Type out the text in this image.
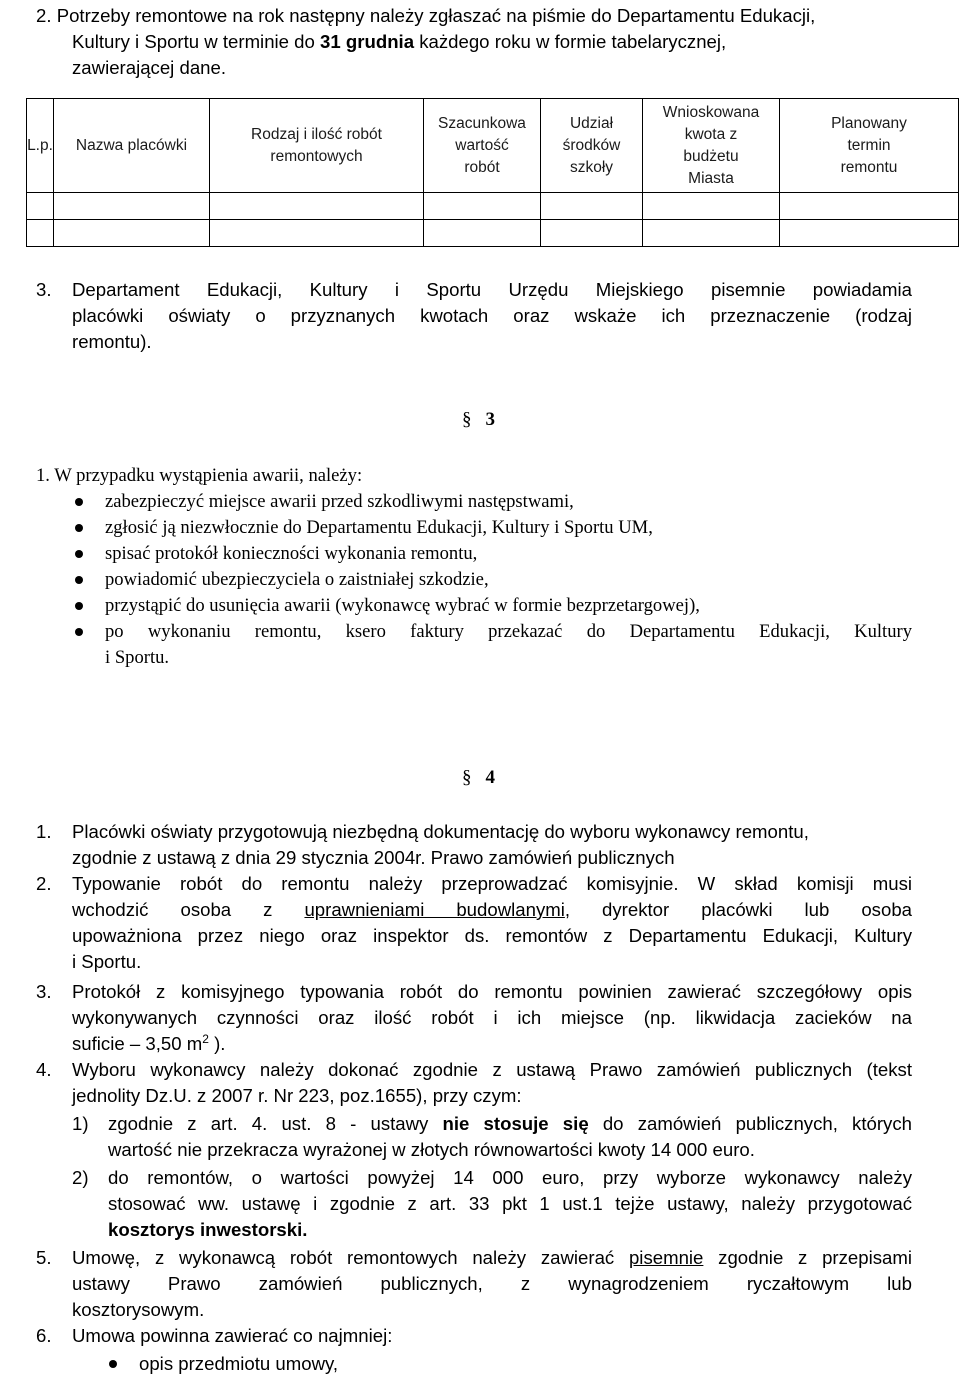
2. Potrzeby remontowe na rok następny należy zgłaszać na piśmie do Departamentu Edukacji,
Kultury i Sportu w terminie do 31 grudnia każdego roku w formie tabelarycznej,
zawierającej dane.
L.p.	Nazwa placówki	Rodzaj i ilość robót remontowych	Szacunkowa wartość robót	Udział środków szkoły	Wnioskowana kwota z budżetu Miasta	Planowany termin remontu

3. Departament Edukacji, Kultury i Sportu Urzędu Miejskiego pisemnie powiadamia
placówki oświaty o przyznanych kwotach oraz wskaże ich przeznaczenie (rodzaj
remontu).
§ 3
1. W przypadku wystąpienia awarii, należy:
zabezpieczyć miejsce awarii przed szkodliwymi następstwami,
zgłosić ją niezwłocznie do Departamentu Edukacji, Kultury i Sportu UM,
spisać protokół konieczności wykonania remontu,
powiadomić ubezpieczyciela o zaistniałej szkodzie,
przystąpić do usunięcia awarii (wykonawcę wybrać w formie bezprzetargowej),
po wykonaniu remontu, ksero faktury przekazać do Departamentu Edukacji, Kultury
i Sportu.
§ 4
1. Placówki oświaty przygotowują niezbędną dokumentację do wyboru wykonawcy remontu,
zgodnie z ustawą z dnia 29 stycznia 2004r. Prawo zamówień publicznych
2. Typowanie robót do remontu należy przeprowadzać komisyjnie. W skład komisji musi
wchodzić osoba z uprawnieniami budowlanymi, dyrektor placówki lub osoba
upoważniona przez niego oraz inspektor ds. remontów z Departamentu Edukacji, Kultury
i Sportu.
3. Protokół z komisyjnego typowania robót do remontu powinien zawierać szczegółowy opis
wykonywanych czynności oraz ilość robót i ich miejsce (np. likwidacja zacieków na
suficie – 3,50 $m^2$ ).
4. Wyboru wykonawcy należy dokonać zgodnie z ustawą Prawo zamówień publicznych (tekst
jednolity Dz.U. z 2007 r. Nr 223, poz.1655), przy czym:
1) zgodnie z art. 4. ust. 8 - ustawy nie stosuje się do zamówień publicznych, których
wartość nie przekracza wyrażonej w złotych równowartości kwoty 14 000 euro.
2) do remontów, o wartości powyżej 14 000 euro, przy wyborze wykonawcy należy
stosować ww. ustawę i zgodnie z art. 33 pkt 1 ust.1 tejże ustawy, należy przygotować
kosztorys inwestorski.
5. Umowę, z wykonawcą robót remontowych należy zawierać pisemnie zgodnie z przepisami
ustawy Prawo zamówień publicznych, z wynagrodzeniem ryczałtowym lub
kosztorysowym.
6. Umowa powinna zawierać co najmniej:
opis przedmiotu umowy,
